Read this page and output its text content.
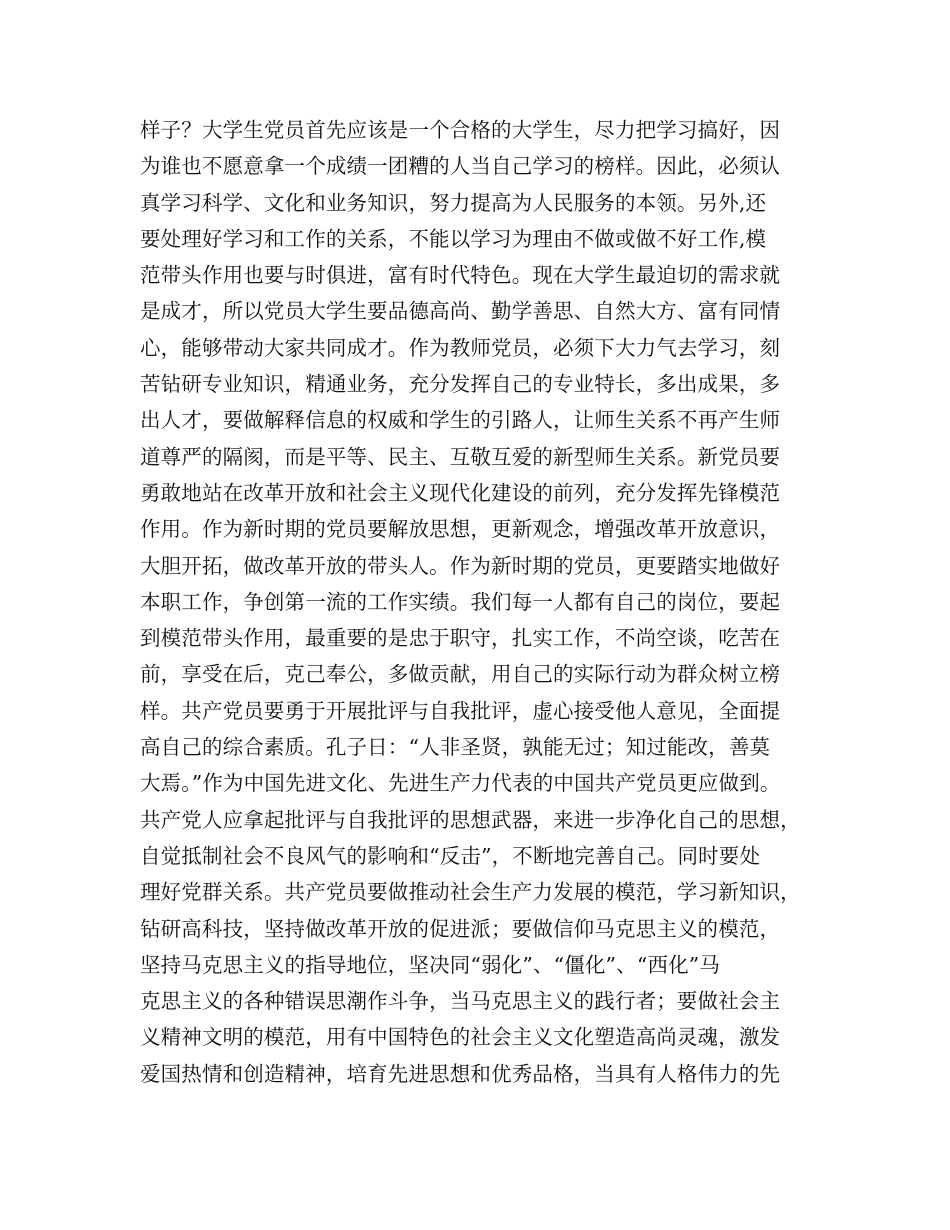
样子？大学生党员首先应该是一个合格的大学生，尽力把学习搞好，因
为谁也不愿意拿一个成绩一团糟的人当自己学习的榜样。因此，必须认
真学习科学、文化和业务知识，努力提高为人民服务的本领。另外,还
要处理好学习和工作的关系，不能以学习为理由不做或做不好工作,模
范带头作用也要与时俱进，富有时代特色。现在大学生最迫切的需求就
是成才，所以党员大学生要品德高尚、勤学善思、自然大方、富有同情
心，能够带动大家共同成才。作为教师党员，必须下大力气去学习，刻
苦钻研专业知识，精通业务，充分发挥自己的专业特长，多出成果，多
出人才，要做解释信息的权威和学生的引路人，让师生关系不再产生师
道尊严的隔阂，而是平等、民主、互敬互爱的新型师生关系。新党员要
勇敢地站在改革开放和社会主义现代化建设的前列，充分发挥先锋模范
作用。作为新时期的党员要解放思想，更新观念，增强改革开放意识，
大胆开拓，做改革开放的带头人。作为新时期的党员，更要踏实地做好
本职工作，争创第一流的工作实绩。我们每一人都有自己的岗位，要起
到模范带头作用，最重要的是忠于职守，扎实工作，不尚空谈，吃苦在
前，享受在后，克己奉公，多做贡献，用自己的实际行动为群众树立榜
样。共产党员要勇于开展批评与自我批评，虚心接受他人意见，全面提
高自己的综合素质。孔子日：“人非圣贤，孰能无过；知过能改，善莫
大焉。”作为中国先进文化、先进生产力代表的中国共产党员更应做到。
共产党人应拿起批评与自我批评的思想武器，来进一步净化自己的思想，
自觉抵制社会不良风气的影响和“反击”，不断地完善自己。同时要处
理好党群关系。共产党员要做推动社会生产力发展的模范，学习新知识，
钻研高科技，坚持做改革开放的促进派；要做信仰马克思主义的模范，
坚持马克思主义的指导地位，坚决同“弱化”、“僵化”、“西化”马
克思主义的各种错误思潮作斗争，当马克思主义的践行者；要做社会主
义精神文明的模范，用有中国特色的社会主义文化塑造高尚灵魂，激发
爱国热情和创造精神，培育先进思想和优秀品格，当具有人格伟力的先
